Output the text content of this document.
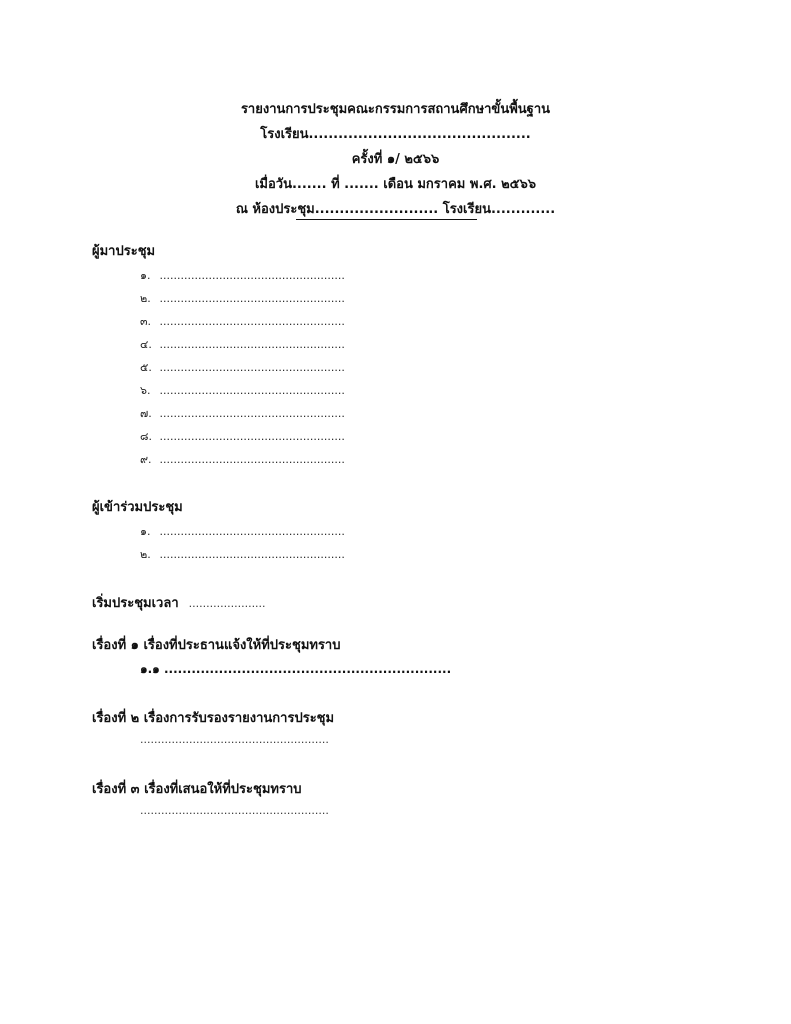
รายงานการประชุมคณะกรรมการสถานศึกษาขั้นพื้นฐาน
โรงเรียน.............................................
ครั้งที่ ๑/ ๒๕๖๖
เมื่อวัน....... ที่ ....... เดือน มกราคม พ.ศ. ๒๕๖๖
ณ ห้องประชุม......................... โรงเรียน.............
ผู้มาประชุม
๑. .....................................................
๒. .....................................................
๓. .....................................................
๔. .....................................................
๕. .....................................................
๖. .....................................................
๗. .....................................................
๘. .....................................................
๙. .....................................................
ผู้เข้าร่วมประชุม
๑. .....................................................
๒. .....................................................
เริ่มประชุมเวลา ......................
เรื่องที่ ๑ เรื่องที่ประธานแจ้งให้ที่ประชุมทราบ
๑.๑ ...............................................................
เรื่องที่ ๒ เรื่องการรับรองรายงานการประชุม
......................................................
เรื่องที่ ๓ เรื่องที่เสนอให้ที่ประชุมทราบ
......................................................
